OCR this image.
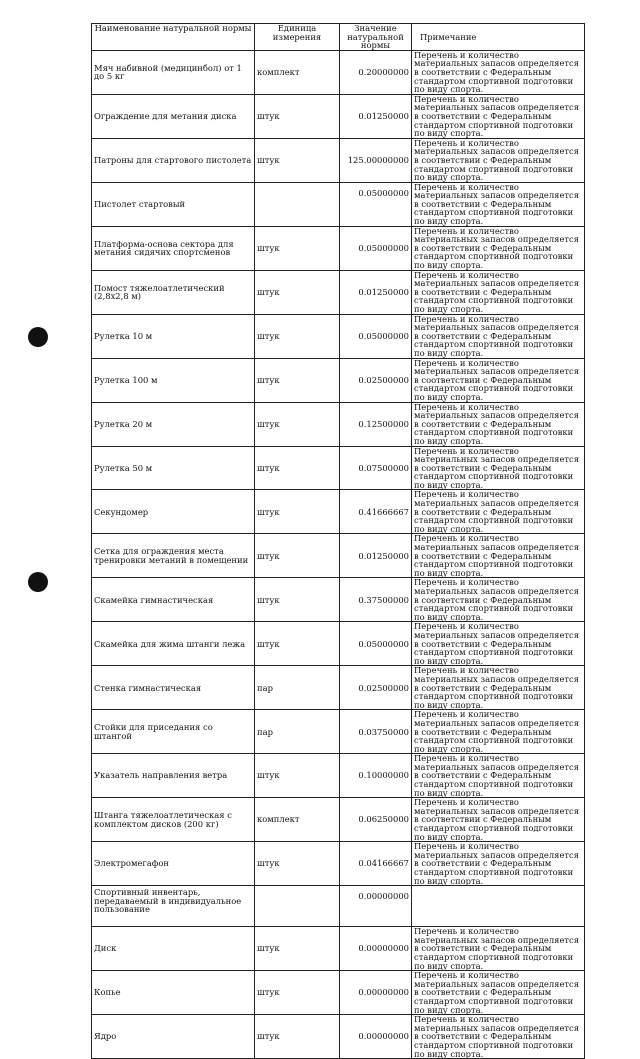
Наименование натуральной нормы	Единица измерения	Значение натуральной нормы	Примечание
Мяч набивной (медицинбол) от 1 до 5 кг	комплект	0.20000000	Перечень и количество материальных запасов определяется в соответствии с Федеральным стандартом спортивной подготовки по виду спорта.
Ограждение для метания диска	штук	0.01250000	Перечень и количество материальных запасов определяется в соответствии с Федеральным стандартом спортивной подготовки по виду спорта.
Патроны для стартового пистолета	штук	125.00000000	Перечень и количество материальных запасов определяется в соответствии с Федеральным стандартом спортивной подготовки по виду спорта.
Пистолет стартовый		0.05000000	Перечень и количество материальных запасов определяется в соответствии с Федеральным стандартом спортивной подготовки по виду спорта.
Платформа-основа сектора для метания сидячих спортсменов	штук	0.05000000	Перечень и количество материальных запасов определяется в соответствии с Федеральным стандартом спортивной подготовки по виду спорта.
Помост тяжелоатлетический (2,8х2,8 м)	штук	0.01250000	Перечень и количество материальных запасов определяется в соответствии с Федеральным стандартом спортивной подготовки по виду спорта.
Рулетка 10 м	штук	0.05000000	Перечень и количество материальных запасов определяется в соответствии с Федеральным стандартом спортивной подготовки по виду спорта.
Рулетка 100 м	штук	0.02500000	Перечень и количество материальных запасов определяется в соответствии с Федеральным стандартом спортивной подготовки по виду спорта.
Рулетка 20 м	штук	0.12500000	Перечень и количество материальных запасов определяется в соответствии с Федеральным стандартом спортивной подготовки по виду спорта.
Рулетка 50 м	штук	0.07500000	Перечень и количество материальных запасов определяется в соответствии с Федеральным стандартом спортивной подготовки по виду спорта.
Секундомер	штук	0.41666667	Перечень и количество материальных запасов определяется в соответствии с Федеральным стандартом спортивной подготовки по виду спорта.
Сетка для ограждения места тренировки метаний в помещении	штук	0.01250000	Перечень и количество материальных запасов определяется в соответствии с Федеральным стандартом спортивной подготовки по виду спорта.
Скамейка гимнастическая	штук	0.37500000	Перечень и количество материальных запасов определяется в соответствии с Федеральным стандартом спортивной подготовки по виду спорта.
Скамейка для жима штанги лежа	штук	0.05000000	Перечень и количество материальных запасов определяется в соответствии с Федеральным стандартом спортивной подготовки по виду спорта.
Стенка гимнастическая	пар	0.02500000	Перечень и количество материальных запасов определяется в соответствии с Федеральным стандартом спортивной подготовки по виду спорта.
Стойки для приседания со штангой	пар	0.03750000	Перечень и количество материальных запасов определяется в соответствии с Федеральным стандартом спортивной подготовки по виду спорта.
Указатель направления ветра	штук	0.10000000	Перечень и количество материальных запасов определяется в соответствии с Федеральным стандартом спортивной подготовки по виду спорта.
Штанга тяжелоатлетическая с комплектом дисков (200 кг)	комплект	0.06250000	Перечень и количество материальных запасов определяется в соответствии с Федеральным стандартом спортивной подготовки по виду спорта.
Электромегафон	штук	0.04166667	Перечень и количество материальных запасов определяется в соответствии с Федеральным стандартом спортивной подготовки по виду спорта.
Спортивный инвентарь, передаваемый в индивидуальное пользование		0.00000000	
Диск	штук	0.00000000	Перечень и количество материальных запасов определяется в соответствии с Федеральным стандартом спортивной подготовки по виду спорта.
Копье	штук	0.00000000	Перечень и количество материальных запасов определяется в соответствии с Федеральным стандартом спортивной подготовки по виду спорта.
Ядро	штук	0.00000000	Перечень и количество материальных запасов определяется в соответствии с Федеральным стандартом спортивной подготовки по виду спорта.
